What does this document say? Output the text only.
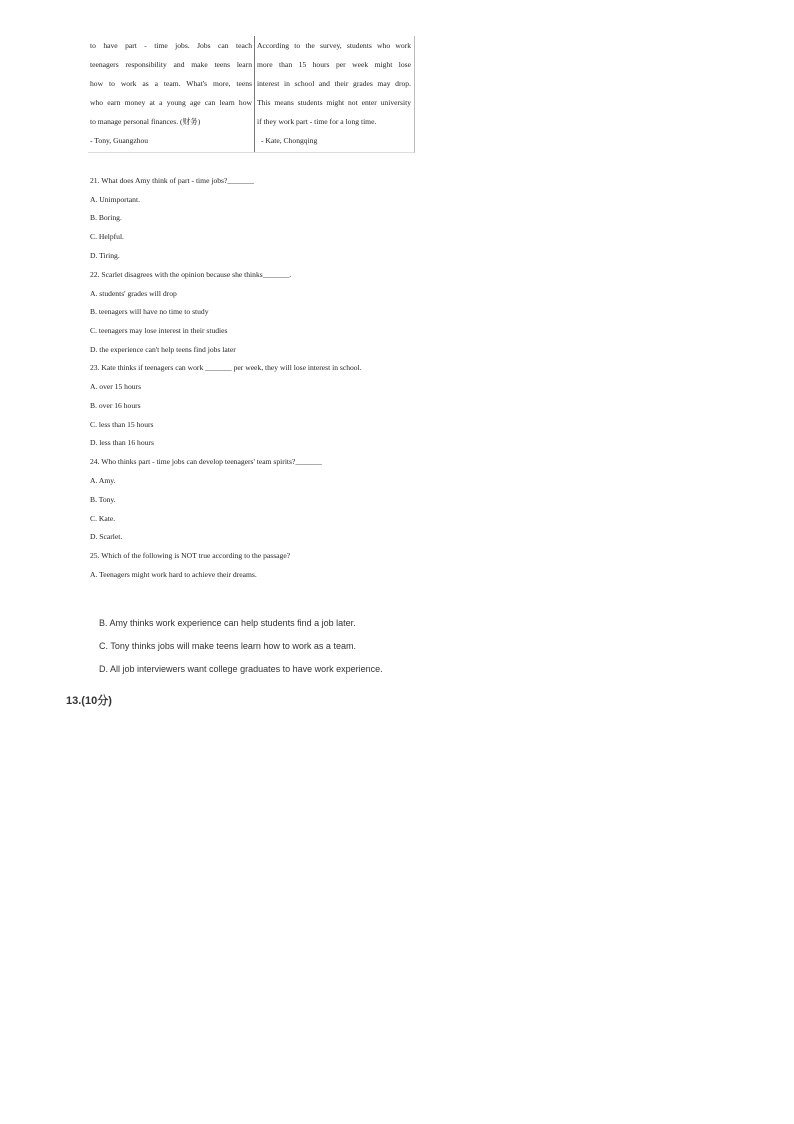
to have part - time jobs. Jobs can teach
teenagers responsibility and make teens learn
how to work as a team. What's more, teens
who earn money at a young age can learn how
to manage personal finances. (财务)
- Tony, Guangzhou
According to the survey, students who work
more than 15 hours per week might lose
interest in school and their grades may drop.
This means students might not enter university
if they work part - time for a long time.
- Kate, Chongqing
21. What does Amy think of part - time jobs?_______
A. Unimportant.
B. Boring.
C. Helpful.
D. Tiring.
22. Scarlet disagrees with the opinion because she thinks_______.
A. students' grades will drop
B. teenagers will have no time to study
C. teenagers may lose interest in their studies
D. the experience can't help teens find jobs later
23. Kate thinks if teenagers can work _______ per week, they will lose interest in school.
A. over 15 hours
B. over 16 hours
C. less than 15 hours
D. less than 16 hours
24. Who thinks part - time jobs can develop teenagers' team spirits?_______
A. Amy.
B. Tony.
C. Kate.
D. Scarlet.
25. Which of the following is NOT true according to the passage?
A. Teenagers might work hard to achieve their dreams.
B. Amy thinks work experience can help students find a job later.
C. Tony thinks jobs will make teens learn how to work as a team.
D. All job interviewers want college graduates to have work experience.
13.(10分)
